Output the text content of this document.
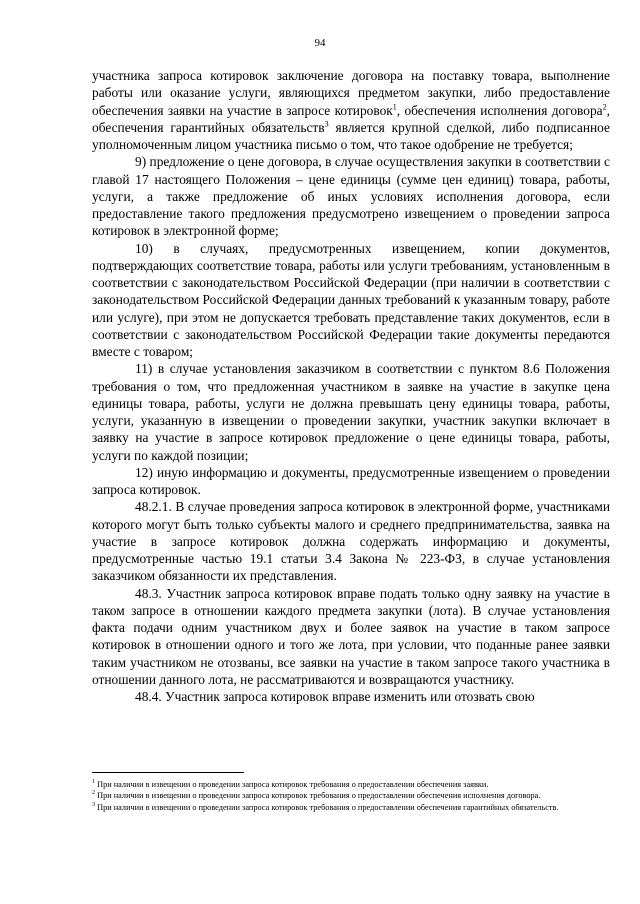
94

участника запроса котировок заключение договора на поставку товара, выполнение работы или оказание услуги, являющихся предметом закупки, либо предоставление обеспечения заявки на участие в запросе котировок$^1$, обеспечения исполнения договора$^2$, обеспечения гарантийных обязательств$^3$ является крупной сделкой, либо подписанное уполномоченным лицом участника письмо о том, что такое одобрение не требуется;

9) предложение о цене договора, в случае осуществления закупки в соответствии с главой 17 настоящего Положения – цене единицы (сумме цен единиц) товара, работы, услуги, а также предложение об иных условиях исполнения договора, если предоставление такого предложения предусмотрено извещением о проведении запроса котировок в электронной форме;

10) в случаях, предусмотренных извещением, копии документов, подтверждающих соответствие товара, работы или услуги требованиям, установленным в соответствии с законодательством Российской Федерации (при наличии в соответствии с законодательством Российской Федерации данных требований к указанным товару, работе или услуге), при этом не допускается требовать представление таких документов, если в соответствии с законодательством Российской Федерации такие документы передаются вместе с товаром;

11) в случае установления заказчиком в соответствии с пунктом 8.6 Положения требования о том, что предложенная участником в заявке на участие в закупке цена единицы товара, работы, услуги не должна превышать цену единицы товара, работы, услуги, указанную в извещении о проведении закупки, участник закупки включает в заявку на участие в запросе котировок предложение о цене единицы товара, работы, услуги по каждой позиции;

12) иную информацию и документы, предусмотренные извещением о проведении запроса котировок.

48.2.1. В случае проведения запроса котировок в электронной форме, участниками которого могут быть только субъекты малого и среднего предпринимательства, заявка на участие в запросе котировок должна содержать информацию и документы, предусмотренные частью 19.1 статьи 3.4 Закона № 223-ФЗ, в случае установления заказчиком обязанности их представления.

48.3. Участник запроса котировок вправе подать только одну заявку на участие в таком запросе в отношении каждого предмета закупки (лота). В случае установления факта подачи одним участником двух и более заявок на участие в таком запросе котировок в отношении одного и того же лота, при условии, что поданные ранее заявки таким участником не отозваны, все заявки на участие в таком запросе такого участника в отношении данного лота, не рассматриваются и возвращаются участнику.

48.4. Участник запроса котировок вправе изменить или отозвать свою

$^1$ При наличии в извещении о проведении запроса котировок требования о предоставлении обеспечения заявки.

$^2$ При наличии в извещении о проведении запроса котировок требования о предоставлении обеспечения исполнения договора.

$^3$ При наличии в извещении о проведении запроса котировок требования о предоставлении обеспечения гарантийных обязательств.
